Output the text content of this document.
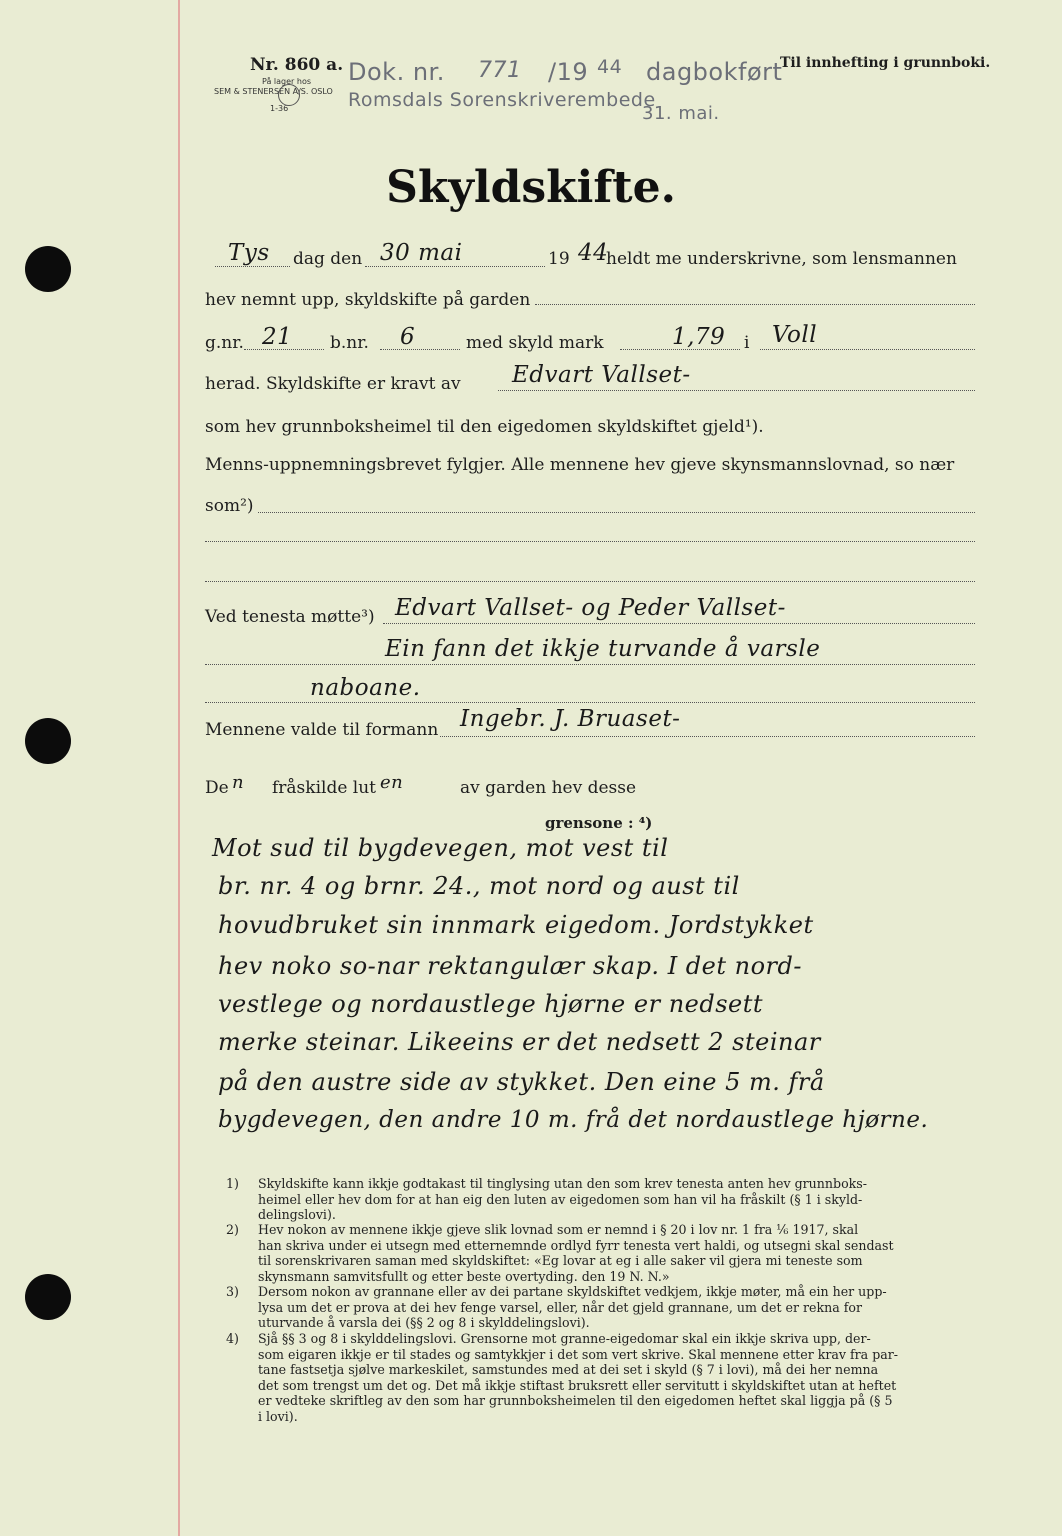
Nr. 860 a.
På lager hos
SEM & STENERSEN A/S. OSLO
1-36
Dok. nr. 771 /19 44 dagbokført
Romsdals Sorenskriverembede
31. mai.
Til innhefting i grunnboki.
Skyldskifte.
Tys dag den 30 mai	19 44
heldt me underskrivne, som lensmannen
hev nemnt upp, skyldskifte på garden
g.nr. 21 b.nr. 6	med skyld mark	1,79 i Voll
herad. Skyldskifte er kravt av Edvart Vallset-
som hev grunnboksheimel til den eigedomen skyldskiftet gjeld¹).
Menns-uppnemningsbrevet fylgjer. Alle mennene hev gjeve skynsmannslovnad, so nær
som²)
Ved tenesta møtte³) Edvart Vallset- og Peder Vallset-
Ein fann det ikkje turvande å varsle
naboane.
Mennene valde til formann Ingebr. J. Bruaset-
De n fråskilde lut en	av garden hev desse
grensone : ⁴)
Mot sud til bygdevegen, mot vest til
br. nr. 4 og brnr. 24., mot nord og aust til
hovudbruket sin innmark eigedom. Jordstykket
hev noko so-nar rektangulær skap. I det nord-
vestlege og nordaustlege hjørne er nedsett
merke steinar. Likeeins er det nedsett 2 steinar
på den austre side av stykket. Den eine 5 m. frå
bygdevegen, den andre 10 m. frå det nordaustlege hjørne.
1) Skyldskifte kann ikkje godtakast til tinglysing utan den som krev tenesta anten hev grunnboks-
heimel eller hev dom for at han eig den luten av eigedomen som han vil ha fråskilt (§ 1 i skyld-
delingslovi).
2) Hev nokon av mennene ikkje gjeve slik lovnad som er nemnd i § 20 i lov nr. 1 fra ⅙ 1917, skal
han skriva under ei utsegn med etternemnde ordlyd fyrr tenesta vert haldi, og utsegni skal sendast
til sorenskrivaren saman med skyldskiftet: «Eg lovar at eg i alle saker vil gjera mi teneste som
skynsmann samvitsfullt og etter beste overtyding. den 19 N. N.»
3) Dersom nokon av grannane eller av dei partane skyldskiftet vedkjem, ikkje møter, må ein her upp-
lysa um det er prova at dei hev fenge varsel, eller, når det gjeld grannane, um det er rekna for
uturvande å varsla dei (§§ 2 og 8 i skylddelingslovi).
4) Sjå §§ 3 og 8 i skylddelingslovi. Grensorne mot granne-eigedomar skal ein ikkje skriva upp, der-
som eigaren ikkje er til stades og samtykkjer i det som vert skrive. Skal mennene etter krav fra par-
tane fastsetja sjølve markeskilet, samstundes med at dei set i skyld (§ 7 i lovi), må dei her nemna
det som trengst um det og. Det må ikkje stiftast bruksrett eller servitutt i skyldskiftet utan at heftet
er vedteke skriftleg av den som har grunnboksheimelen til den eigedomen heftet skal liggja på (§ 5
i lovi).
